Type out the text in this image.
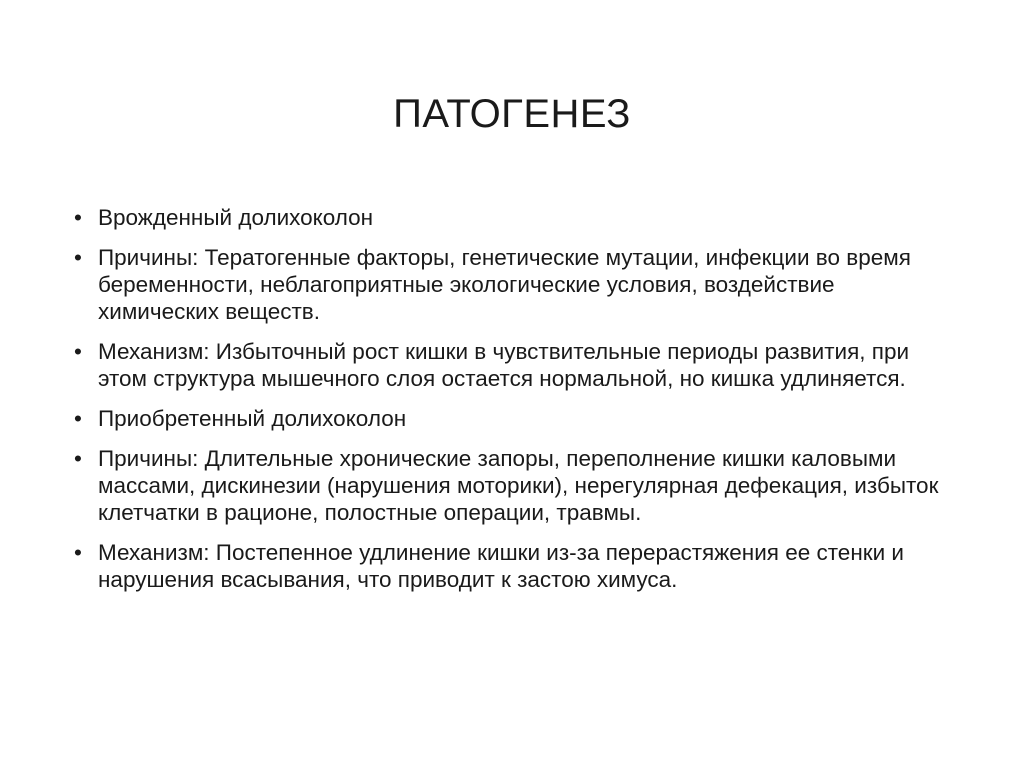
ПАТОГЕНЕЗ
• Врожденный долихоколон
• Причины: Тератогенные факторы, генетические мутации, инфекции во время беременности, неблагоприятные экологические условия, воздействие химических веществ.
• Механизм: Избыточный рост кишки в чувствительные периоды развития, при этом структура мышечного слоя остается нормальной, но кишка удлиняется.
• Приобретенный долихоколон
• Причины: Длительные хронические запоры, переполнение кишки каловыми массами, дискинезии (нарушения моторики), нерегулярная дефекация, избыток клетчатки в рационе, полостные операции, травмы.
• Механизм: Постепенное удлинение кишки из-за перерастяжения ее стенки и нарушения всасывания, что приводит к застою химуса.
